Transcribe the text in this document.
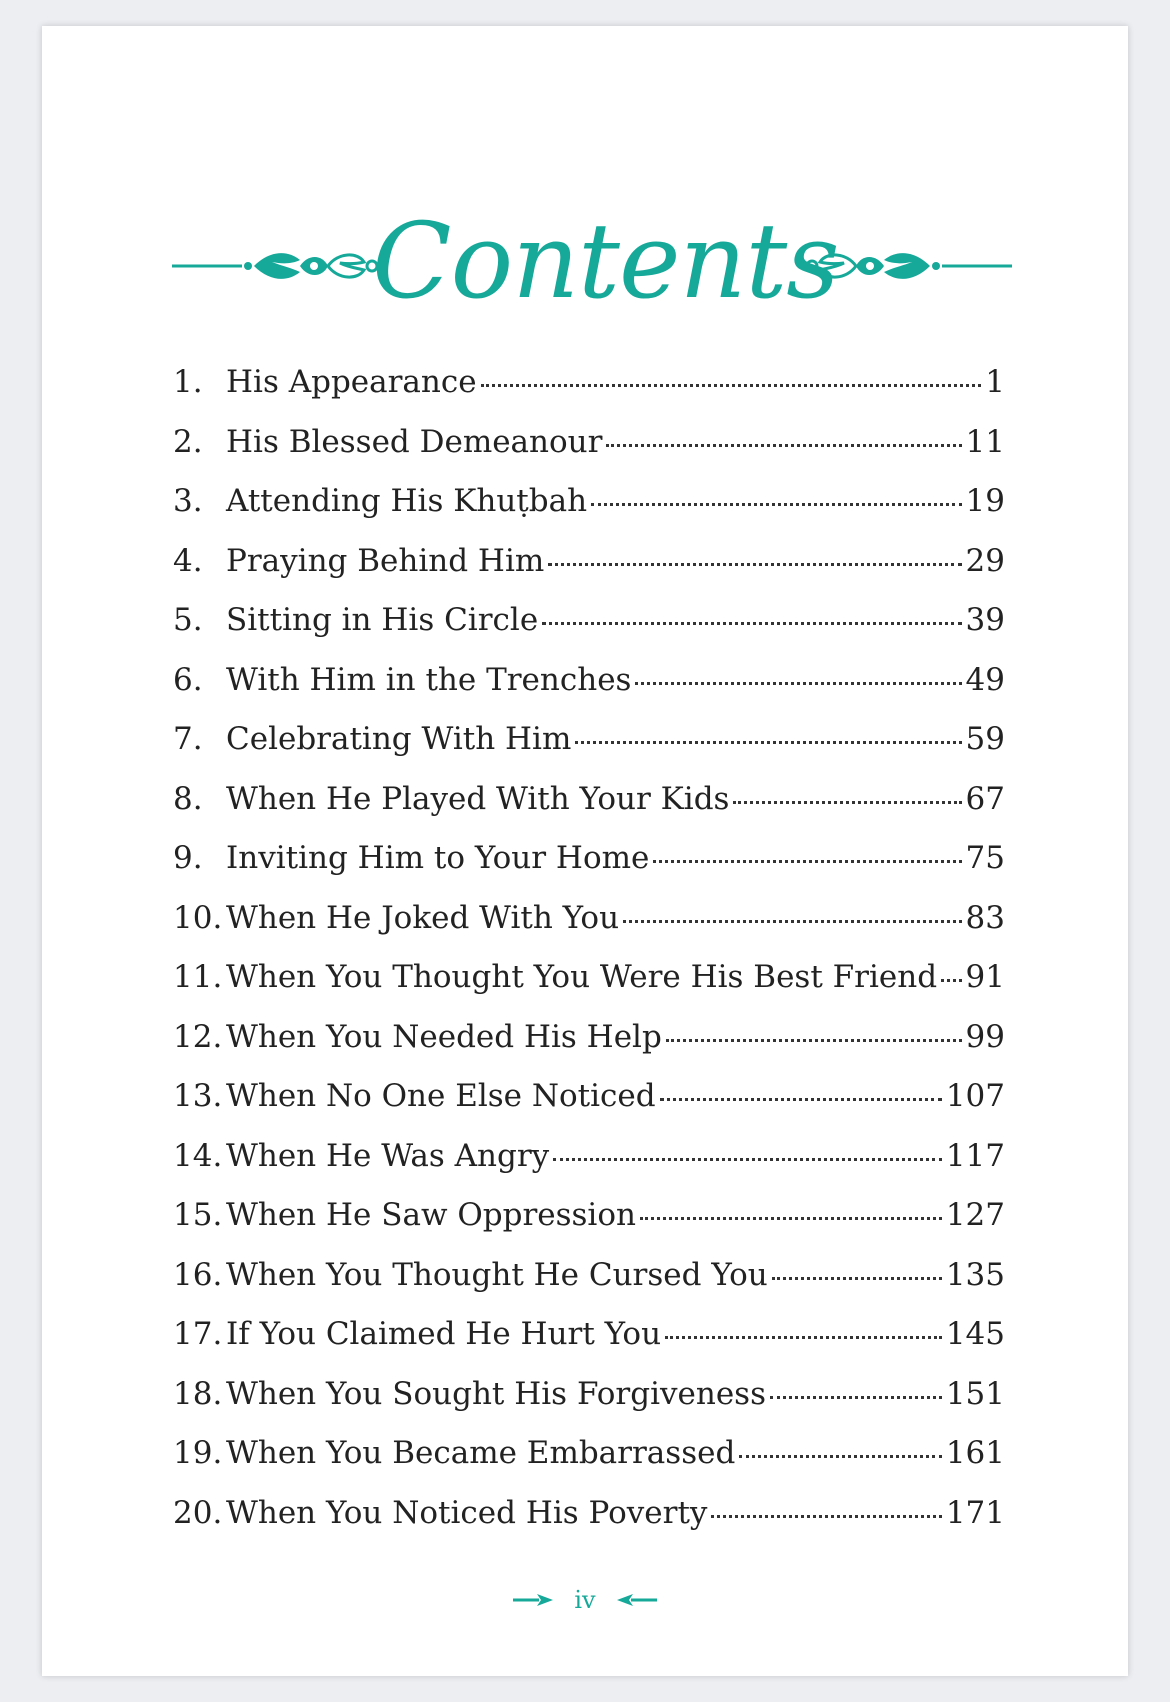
Contents
1. His Appearance	1
2. His Blessed Demeanour	11
3. Attending His Khuṭbah	19
4. Praying Behind Him	29
5. Sitting in His Circle	39
6. With Him in the Trenches	49
7. Celebrating With Him	59
8. When He Played With Your Kids	67
9. Inviting Him to Your Home	75
10. When He Joked With You	83
11. When You Thought You Were His Best Friend 91
12. When You Needed His Help	99
13. When No One Else Noticed	107
14. When He Was Angry	117
15. When He Saw Oppression	127
16. When You Thought He Cursed You	135
17. If You Claimed He Hurt You	145
18. When You Sought His Forgiveness	151
19. When You Became Embarrassed	161
20. When You Noticed His Poverty	171
iv
